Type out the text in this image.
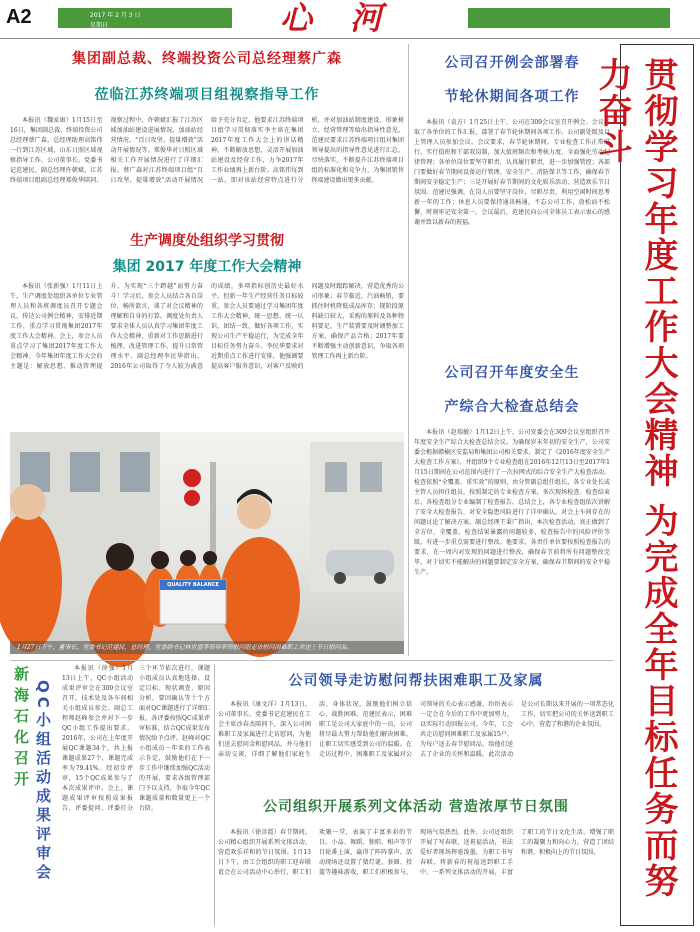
A2	2017 年 2 月 3 日
星期日	心河
集团副总裁、终端投资公司总经理蔡广森
莅临江苏终端项目组视察指导工作
本报讯（魏家康）1月15日至16日，集团副总裁、终端投资公司总经理蔡广森，总经理助理高铭伟一行到江苏区域，山东日照区域视察指导工作。公司董事长、党委书记范建民、副总经理许朝斌、江苏终端项目组副总经理郑俊华陪同。视察过程中，许朝斌汇报了江苏区域加油站建设进展情况、加油站经营情况、“百日攻坚、提量增效”活动开展情况等。郑俊华对日照区域相关工作开展情况进行了详细汇报。蔡广森对江苏终端项目组“百日攻坚、提量增效”活动开展情况给予充分肯定，他要求江苏终端项目组学习贯彻落实李主席在集团2017年度工作大会上的讲话精神，不断解放思想，灵活开展加油站建设及经营工作，力争2017年工作业绩再上新台阶。高铭伟每到一站，即对该站经营特点进行分析，并对加油站制度建设、形象树立、经营管理等给出指导性意见。范建民要求江苏终端项目组对集团领导提出的指导性意见进行汇总，尽快落实，不断提升江苏终端项目组的标准化和竞争力，为集团销售终端建设做出更多贡献。
生产调度处组织学习贯彻
集团 2017 年度工作大会精神
本报讯（张新强）1月11日上午，生产调度处组织各单位专业管理人员和各班调度员召开专题会议，传达公司例会精神，安排近期工作，重点学习贯彻集团2017年度工作大会精神。会上，参会人员重点学习了集团2017年度工作大会精神。今年集团年度工作大会的主题是：解放思想、推动管理提升，为实现“三个跨越”而努力奋斗！学习后，参会人员结合各自岗位，畅所欲言，谈了对会议精神的理解和自身的打算。调度处负责人要求全体人员认真学习集团年度工作大会精神，重新对工作思路进行梳理，改进管理工作，提升日常管理水平。副总经理李民华指出，2016年公司取得了令人较为满意的成绩，多项指标创历史最好水平，但新一年生产经营任务目标较重，参会人员要通过学习集团年度工作大会精神，统一思想、统一认识，团结一致，做好各项工作，实现公司生产平稳运行，为完成全年目标任务努力奋斗。李民华要求对近期重点工作进行安排，他强调要提高客户服务意识，对客户反映的问题及时跟踪解决，营造优秀的公司形象；春节临近，汽油畅销，要抓住时机降低成品库存；现阶段原料缺口较大，采购的原料及各种物料要足，生产装置要及时调整加工方案，确保产品合格；2017年要不断增强主动创新意识，争取各项管理工作再上新台阶。
QUALITY BALANCE
1月27日下午，董事长、党委书记范建民，总经理、党委副书记林世盛等领导带领慰问组走访慰问困难职工并送上节日慰问品。
新海石化召开 QC小组活动成果评审会
本报讯（徐强）1月13日上午，QC小组活动成果评审会在309会议室召开，技术处及各车间相关小组成员参会。副总工程师赵峰参会并对下一步QC小组工作提出要求。2016年，公司在上年度开展QC课题34个，共上报课题成果27个，课题完成率为79.41%。经初步评审，15个QC成果参与了本次成果评审。会上，课题成果评审按照成果报告、评委提问、评委打分三个环节依次进行，课题小组成员认真地选择、设定目标、现状调查、原因分析、要因确认等十个方面对QC课题进行了详细汇报，各评委按照QC成果评审标准，结合QC成果发布情况给予点评。赵峰对QC小组成员一年来的工作表示肯定，鼓励他们在下一步工作中继续加强QC活动的开展，要求各级管理部门予以支持，争取今年QC课题质量和数量更上一个台阶。
公司领导走访慰问帮扶困难职工及家属
本报讯（康文洋）1月13日，公司董事长、党委书记范建民在工会主席沙春杰陪同下，深入公司困难职工及家属进行走访慰问，为他们送去慰问金和慰问品，并与他们亲切交谈，详细了解他们家庭生活、身体状况，鼓励他们树立信心，战胜困难。范建民表示，困难职工是公司大家庭中的一员，公司将尽最大努力帮助他们解决困难，让职工切实感受到公司的温暖。在走访过程中，困难职工及家属对公司领导的关心表示感谢，纷纷表示一定会在今后的工作中更加努力，以实际行动回报公司。今年，工会共走访慰问困难职工及家属15户，为每户送去春节慰问品，给他们送去了企业的关怀和温暖。此次活动是公司长期以来开展的一项常态化工作，切实把公司的关怀送到职工心中，营造了和谐的企业氛围。
公司组织开展系列文体活动 营造浓厚节日氛围
本报讯（徐彦霞）春节期间，公司精心组织开展系列文体活动，营造欢乐祥和的节日氛围。1月13日下午，由工会组织的职工迎春联谊会在公司活动中心举行，职工们欢聚一堂，表演了丰富多彩的节目。小品、舞蹈、独唱、相声等节目轮番上演，赢得了阵阵掌声。活动现场还设置了猜灯谜、套圈、投篮等趣味游戏，职工们积极参与，现场气氛热烈。此外，公司还组织开展了写春联、送祝福活动，书法爱好者现场挥毫泼墨，为职工书写春联，将新春的祝福送到职工手中。一系列文体活动的开展，丰富了职工的节日文化生活，增强了职工的凝聚力和向心力，营造了团结和谐、积极向上的节日氛围。
公司召开例会部署春
节轮休期间各项工作
本报讯（袁方）1月25日上午，公司在309会议室召开例会。会议听取了各单位的工作汇报，部署了春节轮休期间各项工作。公司副处级及以上管理人员参加会议。会议要求，春节轮休期间，专业检查工作正常进行，实行值班和干部双岗制，加大值班频次和考核力度，全面强化劳动纪律管理；各单位岗位要坚守职责，认真履行职责，进一步加强管控；各部门要做好春节期间设备运行管理、安全生产、消防保卫等工作，确保春节期间安全稳定生产；三是开展好春节期间的文化娱乐活动，营造欢乐节日氛围。范建民强调，在岗人员要坚守岗位，尽职尽责，利用空闲时间思考新一年的工作；休息人员要保持通讯畅通，不忘公司工作，放松而不松懈，时刻牢记安全第一。会议最后，范建民向公司全体员工表示衷心的感谢并致以新春的祝福。
公司召开年度安全生
产综合大检查总结会
本报讯（赵瑞敏）1月12日上午，公司安委会在309会议室组织召开年度安全生产综合大检查总结会议。为确保岁末年初的安全生产，公司安委会根据赣榆区安监局和集团公司相关要求，制定了《2016年度安全生产大检查工作方案》，并组织9个专业检查组在2016年12月13日至2017年1月15日期间在公司范围内进行了一次拉网式的综合安全生产大检查活动。检查依照“全覆盖、重实效”的原则，由分管副总组任组长，各专业处长或主管人员担任组员，按照制定的专业检查方案，多次现场检查。检查结束后，各检查组分专业编制了检查报告。总结会上，各专业检查组依次讲解了安全大检查报告，对安全隐患风险进行了详审确认，对会上车间存在的问题讨论了解决方案。副总经理王秉广指出，本次检查活动，真正做到了全方位、全覆盖，检查结果暴露的问题较多，检查报告中的风险评价等级，有进一步重点需要进行整改。他要求，各责任单位要按照检查报告的要求，在一周内对发现的问题进行整改，确保春节前将所有问题整改完毕，对于切实不能解决的问题要制定安全方案，确保春节期间的安全平稳生产。	贯彻学习年度工作大会精神 为完成全年目标任务而努力奋斗
